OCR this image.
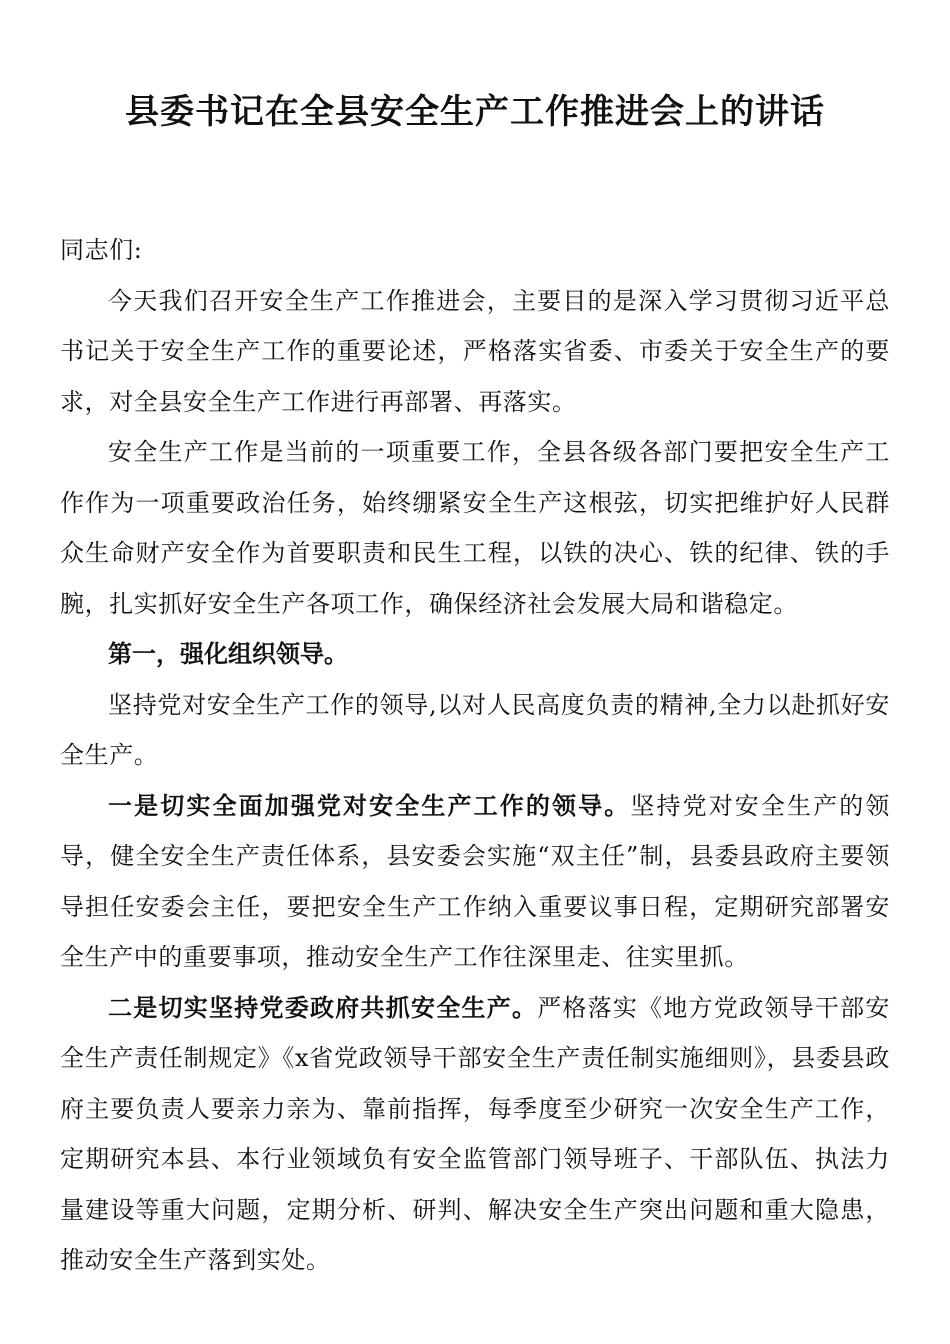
县委书记在全县安全生产工作推进会上的讲话

同志们:

今天我们召开安全生产工作推进会，主要目的是深入学习贯彻习近平总书记关于安全生产工作的重要论述，严格落实省委、市委关于安全生产的要求，对全县安全生产工作进行再部署、再落实。

安全生产工作是当前的一项重要工作，全县各级各部门要把安全生产工作作为一项重要政治任务，始终绷紧安全生产这根弦，切实把维护好人民群众生命财产安全作为首要职责和民生工程，以铁的决心、铁的纪律、铁的手腕，扎实抓好安全生产各项工作，确保经济社会发展大局和谐稳定。

第一，强化组织领导。

坚持党对安全生产工作的领导,以对人民高度负责的精神,全力以赴抓好安全生产。

一是切实全面加强党对安全生产工作的领导。坚持党对安全生产的领导，健全安全生产责任体系，县安委会实施“双主任”制，县委县政府主要领导担任安委会主任，要把安全生产工作纳入重要议事日程，定期研究部署安全生产中的重要事项，推动安全生产工作往深里走、往实里抓。

二是切实坚持党委政府共抓安全生产。严格落实《地方党政领导干部安全生产责任制规定》《x省党政领导干部安全生产责任制实施细则》，县委县政府主要负责人要亲力亲为、靠前指挥，每季度至少研究一次安全生产工作，定期研究本县、本行业领域负有安全监管部门领导班子、干部队伍、执法力量建设等重大问题，定期分析、研判、解决安全生产突出问题和重大隐患，推动安全生产落到实处。
